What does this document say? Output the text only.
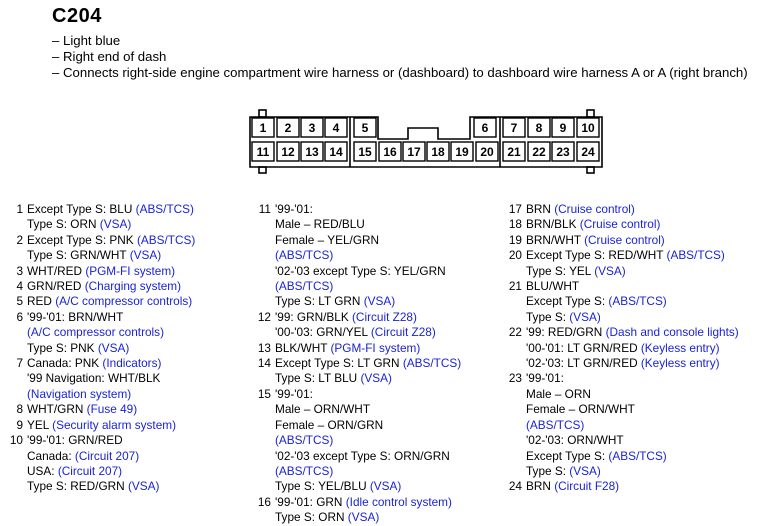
C204
– Light blue
– Right end of dash
– Connects right-side engine compartment wire harness or (dashboard) to dashboard wire harness A or A (right branch)
1 2 3 4 5	6 7 8 9 10
11 12 13 14 15 16 17 18 19 20 21 22 23 24
1 Except Type S: BLU (ABS/TCS)
Type S: ORN (VSA)
2 Except Type S: PNK (ABS/TCS)
Type S: GRN/WHT (VSA)
3 WHT/RED (PGM-FI system)
4 GRN/RED (Charging system)
5 RED (A/C compressor controls)
6 '99-'01: BRN/WHT
(A/C compressor controls)
Type S: PNK (VSA)
7 Canada: PNK (Indicators)
'99 Navigation: WHT/BLK
(Navigation system)
8 WHT/GRN (Fuse 49)
9 YEL (Security alarm system)
10 '99-'01: GRN/RED
Canada: (Circuit 207)
USA: (Circuit 207)
Type S: RED/GRN (VSA)
11 '99-'01:
Male – RED/BLU
Female – YEL/GRN
(ABS/TCS)
'02-'03 except Type S: YEL/GRN
(ABS/TCS)
Type S: LT GRN (VSA)
12 '99: GRN/BLK (Circuit Z28)
'00-'03: GRN/YEL (Circuit Z28)
13 BLK/WHT (PGM-FI system)
14 Except Type S: LT GRN (ABS/TCS)
Type S: LT BLU (VSA)
15 '99-'01:
Male – ORN/WHT
Female – ORN/GRN
(ABS/TCS)
'02-'03 except Type S: ORN/GRN
(ABS/TCS)
Type S: YEL/BLU (VSA)
16 '99-'01: GRN (Idle control system)
Type S: ORN (VSA)
17 BRN (Cruise control)
18 BRN/BLK (Cruise control)
19 BRN/WHT (Cruise control)
20 Except Type S: RED/WHT (ABS/TCS)
Type S: YEL (VSA)
21 BLU/WHT
Except Type S: (ABS/TCS)
Type S: (VSA)
22 '99: RED/GRN (Dash and console lights)
'00-'01: LT GRN/RED (Keyless entry)
'02-'03: LT GRN/RED (Keyless entry)
23 '99-'01:
Male – ORN
Female – ORN/WHT
(ABS/TCS)
'02-'03: ORN/WHT
Except Type S: (ABS/TCS)
Type S: (VSA)
24 BRN (Circuit F28)
